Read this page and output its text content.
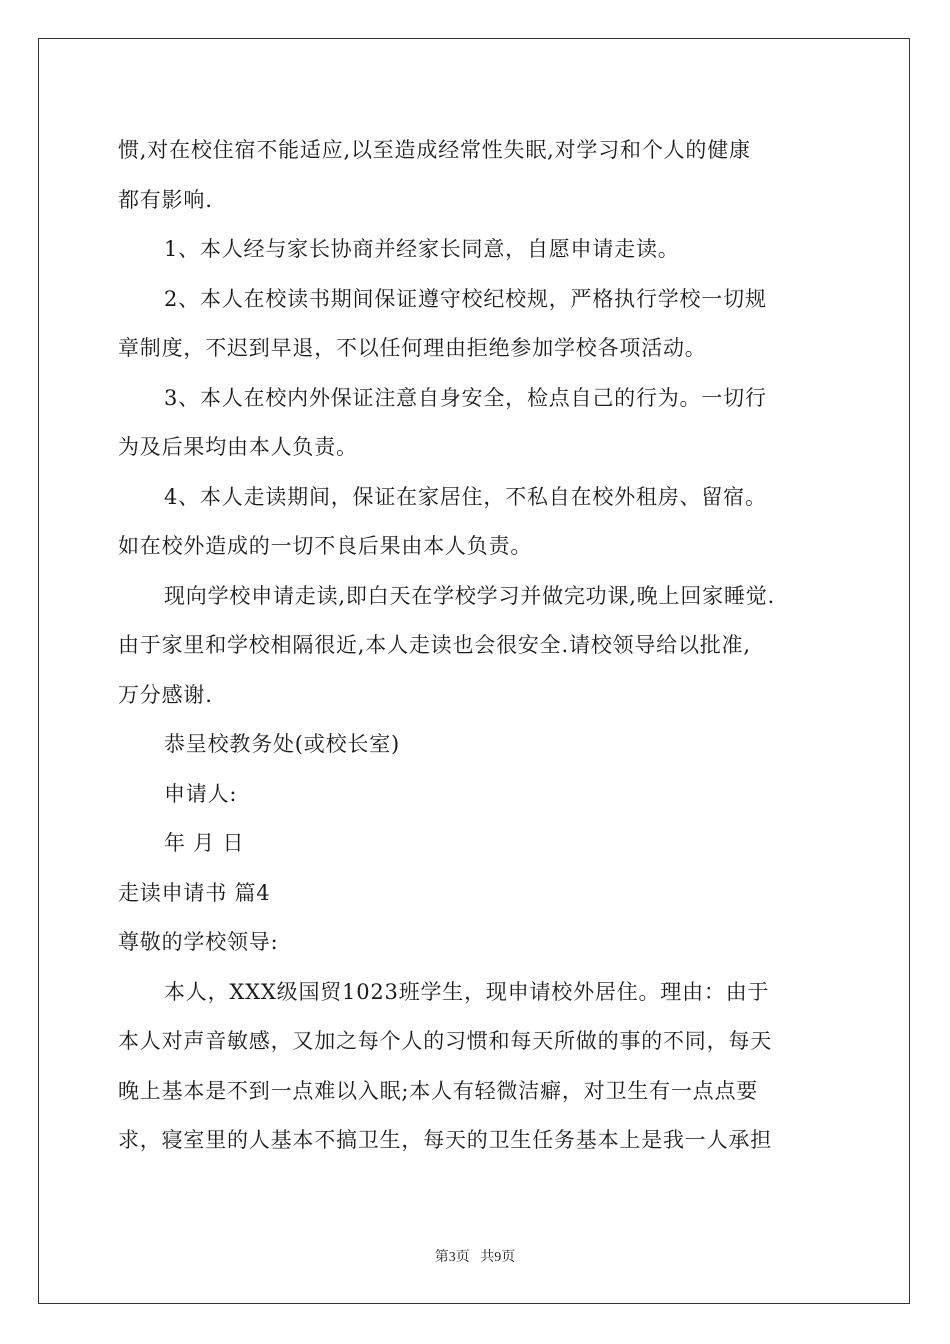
惯,对在校住宿不能适应,以至造成经常性失眠,对学习和个人的健康
都有影响.
1、本人经与家长协商并经家长同意，自愿申请走读。
2、本人在校读书期间保证遵守校纪校规，严格执行学校一切规
章制度，不迟到早退，不以任何理由拒绝参加学校各项活动。
3、本人在校内外保证注意自身安全，检点自己的行为。一切行
为及后果均由本人负责。
4、本人走读期间，保证在家居住，不私自在校外租房、留宿。
如在校外造成的一切不良后果由本人负责。
现向学校申请走读,即白天在学校学习并做完功课,晚上回家睡觉.
由于家里和学校相隔很近,本人走读也会很安全.请校领导给以批准,
万分感谢.
恭呈校教务处(或校长室)
申请人:
年 月 日
走读申请书 篇4
尊敬的学校领导:
本人，XXX级国贸1023班学生，现申请校外居住。理由：由于
本人对声音敏感，又加之每个人的习惯和每天所做的事的不同，每天
晚上基本是不到一点难以入眠;本人有轻微洁癖，对卫生有一点点要
求，寝室里的人基本不搞卫生，每天的卫生任务基本上是我一人承担
第3页 共9页
